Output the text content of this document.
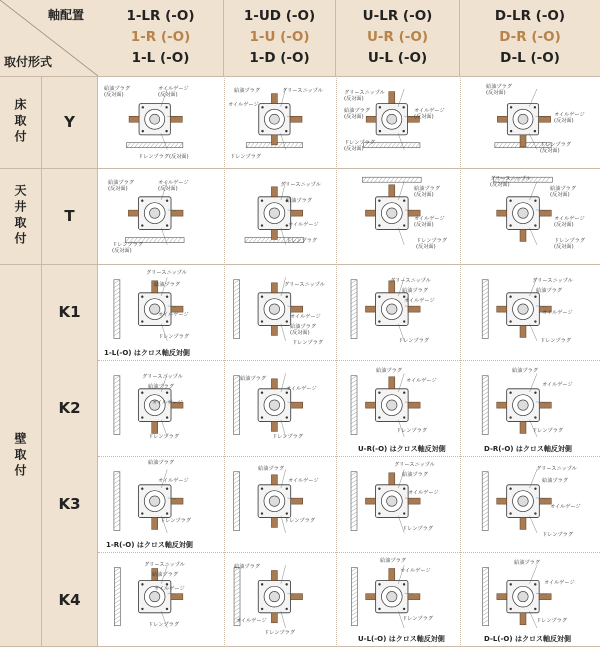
軸配置
取付形式
1-LR (-O)
1-R (-O)
1-L (-O)
1-UD (-O)
1-U (-O)
1-D (-O)
U-LR (-O)
U-R (-O)
U-L (-O)
D-LR (-O)
D-R (-O)
D-L (-O)
床取付
天井取付
壁取付
Y
T
K1
K2
K3
K4
給油プラグ
(反対面)
オイルゲージ
(反対面)
ドレンプラグ(反対面)
給油プラグ	グリースニップル
オイルゲージ
ドレンプラグ
グリースニップル
(反対面)
給油プラグ
(反対面)
オイルゲージ
(反対面)
ドレンプラグ
(反対面)
給油プラグ
(反対面)
オイルゲージ
(反対面)
ドレンプラグ
(反対面)
給油プラグ
(反対面)
オイルゲージ
(反対面)
ドレンプラグ
(反対面)
グリースニップル
給油プラグ
オイルゲージ
ドレンプラグ
給油プラグ
(反対面)
オイルゲージ
(反対面)
ドレンプラグ
(反対面)
グリースニップル
(反対面)
給油プラグ
(反対面)
オイルゲージ
(反対面)
ドレンプラグ
(反対面)
グリースニップル
給油プラグ
オイルゲージ
ドレンプラグ
1-L(-O) はクロス軸反対側
グリースニップル
オイルゲージ
給油プラグ
(反対面)
ドレンプラグ
グリースニップル
給油プラグ
オイルゲージ
ドレンプラグ
グリースニップル
給油プラグ
オイルゲージ
ドレンプラグ
グリースニップル
給油プラグ
オイルゲージ
ドレンプラグ
給油プラグ
オイルゲージ
ドレンプラグ
給油プラグ
オイルゲージ
ドレンプラグ
U-R(-O) はクロス軸反対側
給油プラグ
オイルゲージ
ドレンプラグ
D-R(-O) はクロス軸反対側
給油プラグ
オイルゲージ
ドレンプラグ
1-R(-O) はクロス軸反対側
給油プラグ
オイルゲージ
ドレンプラグ
グリースニップル
給油プラグ
オイルゲージ
ドレンプラグ
グリースニップル
給油プラグ
オイルゲージ
ドレンプラグ
グリースニップル
給油プラグ
オイルゲージ
ドレンプラグ
給油プラグ
オイルゲージ
ドレンプラグ
給油プラグ
オイルゲージ
ドレンプラグ
U-L(-O) はクロス軸反対側
給油プラグ
オイルゲージ
ドレンプラグ
D-L(-O) はクロス軸反対側
